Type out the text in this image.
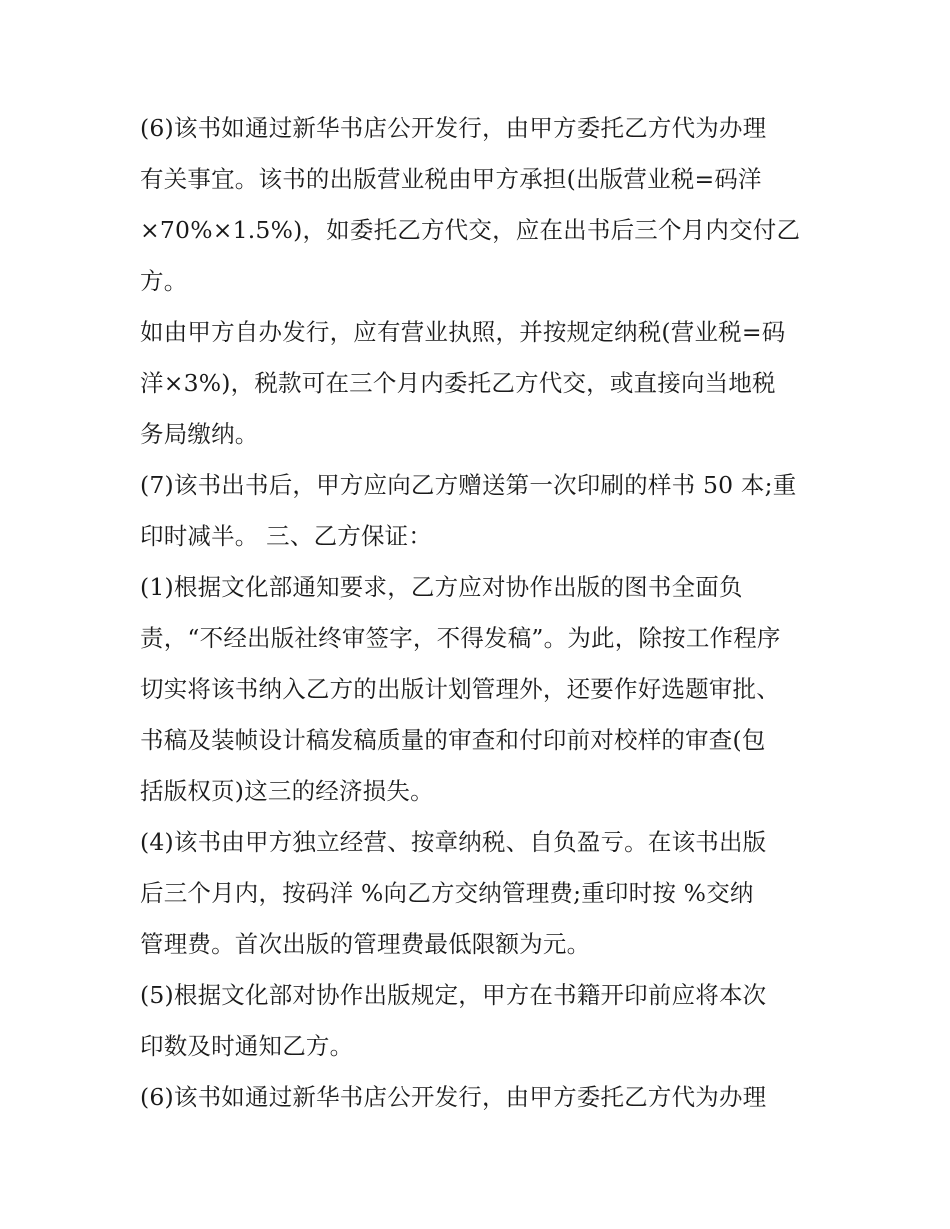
(6)该书如通过新华书店公开发行，由甲方委托乙方代为办理
有关事宜。该书的出版营业税由甲方承担(出版营业税=码洋
×70%×1.5%)，如委托乙方代交，应在出书后三个月内交付乙
方。
如由甲方自办发行，应有营业执照，并按规定纳税(营业税=码
洋×3%)，税款可在三个月内委托乙方代交，或直接向当地税
务局缴纳。
(7)该书出书后，甲方应向乙方赠送第一次印刷的样书 50 本;重
印时减半。 三、乙方保证：
(1)根据文化部通知要求，乙方应对协作出版的图书全面负
责，“不经出版社终审签字，不得发稿”。为此，除按工作程序
切实将该书纳入乙方的出版计划管理外，还要作好选题审批、
书稿及装帧设计稿发稿质量的审查和付印前对校样的审查(包
括版权页)这三的经济损失。
(4)该书由甲方独立经营、按章纳税、自负盈亏。在该书出版
后三个月内，按码洋 %向乙方交纳管理费;重印时按 %交纳
管理费。首次出版的管理费最低限额为元。
(5)根据文化部对协作出版规定，甲方在书籍开印前应将本次
印数及时通知乙方。
(6)该书如通过新华书店公开发行，由甲方委托乙方代为办理
